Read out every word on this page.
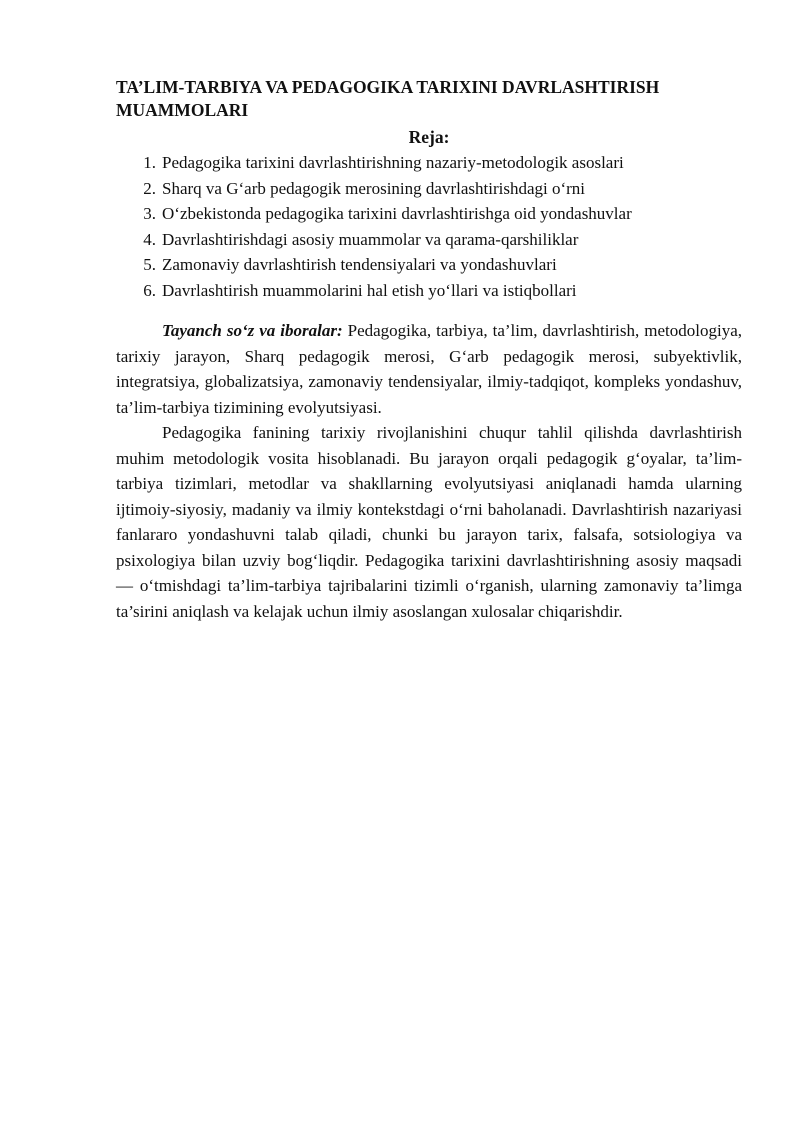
TA’LIM-TARBIYA VA PEDAGOGIKA TARIXINI DAVRLASHTIRISH MUAMMOLARI
Reja:
1. Pedagogika tarixini davrlashtirishning nazariy-metodologik asoslari
2. Sharq va G‘arb pedagogik merosining davrlashtirishdagi o‘rni
3. O‘zbekistonda pedagogika tarixini davrlashtirishga oid yondashuvlar
4. Davrlashtirishdagi asosiy muammolar va qarama-qarshiliklar
5. Zamonaviy davrlashtirish tendensiyalari va yondashuvlari
6. Davrlashtirish muammolarini hal etish yo‘llari va istiqbollari

Tayanch so‘z va iboralar: Pedagogika, tarbiya, ta’lim, davrlashtirish, metodologiya, tarixiy jarayon, Sharq pedagogik merosi, G‘arb pedagogik merosi, subyektivlik, integratsiya, globalizatsiya, zamonaviy tendensiyalar, ilmiy-tadqiqot, kompleks yondashuv, ta’lim-tarbiya tizimining evolyutsiyasi.

Pedagogika fanining tarixiy rivojlanishini chuqur tahlil qilishda davrlashtirish muhim metodologik vosita hisoblanadi. Bu jarayon orqali pedagogik g‘oyalar, ta’lim-tarbiya tizimlari, metodlar va shakllarning evolyutsiyasi aniqlanadi hamda ularning ijtimoiy-siyosiy, madaniy va ilmiy kontekstdagi o‘rni baholanadi. Davrlashtirish nazariyasi fanlararo yondashuvni talab qiladi, chunki bu jarayon tarix, falsafa, sotsiologiya va psixologiya bilan uzviy bog‘liqdir. Pedagogika tarixini davrlashtirishning asosiy maqsadi — o‘tmishdagi ta’lim-tarbiya tajribalarini tizimli o‘rganish, ularning zamonaviy ta’limga ta’sirini aniqlash va kelajak uchun ilmiy asoslangan xulosalar chiqarishdir.
